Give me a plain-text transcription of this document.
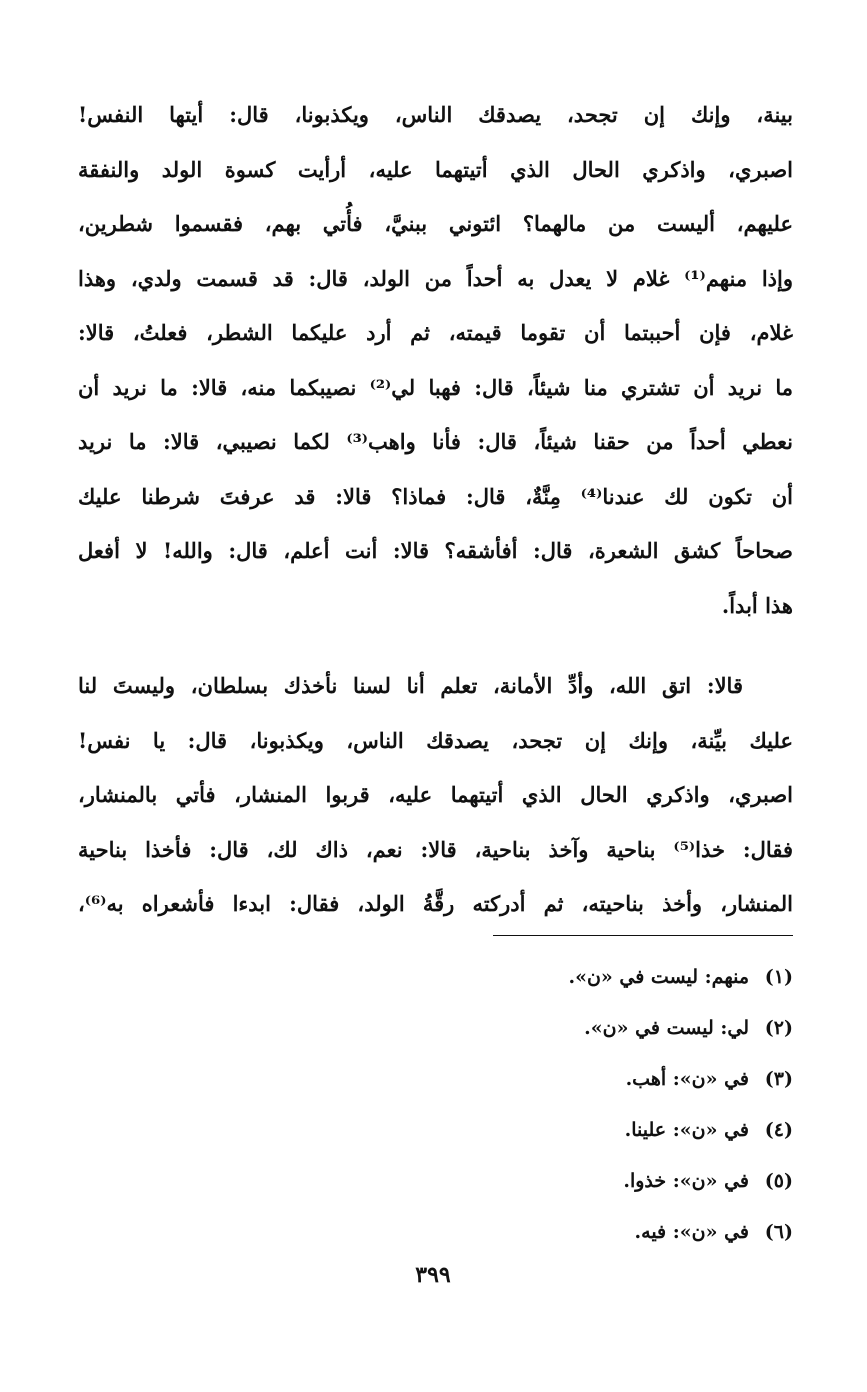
بينة، وإنك إن تجحد، يصدقك الناس، ويكذبونا، قال: أيتها النفس!
اصبري، واذكري الحال الذي أتيتهما عليه، أرأيت كسوة الولد والنفقة
عليهم، أليست من مالهما؟ ائتوني ببنيَّ، فأُتي بهم، فقسموا شطرين،
وإذا منهم⁽¹⁾ غلام لا يعدل به أحداً من الولد، قال: قد قسمت ولدي، وهذا
غلام، فإن أحببتما أن تقوما قيمته، ثم أرد عليكما الشطر، فعلتُ، قالا:
ما نريد أن تشتري منا شيئاً، قال: فهبا لي⁽²⁾ نصيبكما منه، قالا: ما نريد أن
نعطي أحداً من حقنا شيئاً، قال: فأنا واهب⁽³⁾ لكما نصيبي، قالا: ما نريد
أن تكون لك عندنا⁽⁴⁾ مِنَّةٌ، قال: فماذا؟ قالا: قد عرفتَ شرطنا عليك
صحاحاً كشق الشعرة، قال: أفأشقه؟ قالا: أنت أعلم، قال: والله! لا أفعل
هذا أبداً.
قالا: اتق الله، وأدِّ الأمانة، تعلم أنا لسنا نأخذك بسلطان، وليستَ لنا
عليك بيِّنة، وإنك إن تجحد، يصدقك الناس، ويكذبونا، قال: يا نفس!
اصبري، واذكري الحال الذي أتيتهما عليه، قربوا المنشار، فأتي بالمنشار،
فقال: خذا⁽⁵⁾ بناحية وآخذ بناحية، قالا: نعم، ذاك لك، قال: فأخذا بناحية
المنشار، وأخذ بناحيته، ثم أدركته رقَّةُ الولد، فقال: ابدءا فأشعراه به⁽⁶⁾،
(١)منهم: ليست في «ن».
(٢)لي: ليست في «ن».
(٣)في «ن»: أهب.
(٤)في «ن»: علينا.
(٥)في «ن»: خذوا.
(٦)في «ن»: فيه.
٣٩٩
